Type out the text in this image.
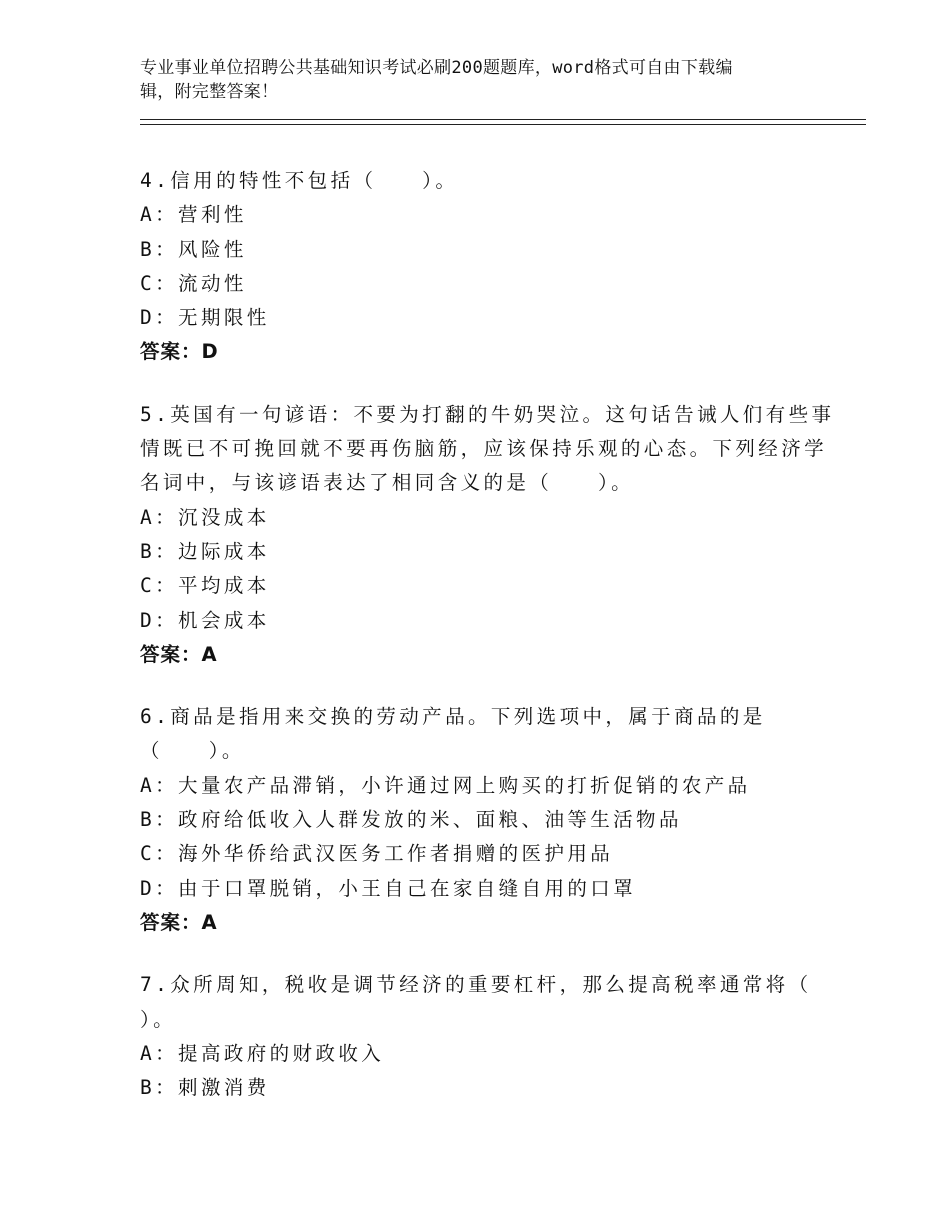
专业事业单位招聘公共基础知识考试必刷200题题库，word格式可自由下载编
辑，附完整答案！
4.信用的特性不包括（　　）。
A：营利性
B：风险性
C：流动性
D：无期限性
答案：D
5.英国有一句谚语：不要为打翻的牛奶哭泣。这句话告诫人们有些事
情既已不可挽回就不要再伤脑筋，应该保持乐观的心态。下列经济学
名词中，与该谚语表达了相同含义的是（　　）。
A：沉没成本
B：边际成本
C：平均成本
D：机会成本
答案：A
6.商品是指用来交换的劳动产品。下列选项中，属于商品的是
（　　）。
A：大量农产品滞销，小许通过网上购买的打折促销的农产品
B：政府给低收入人群发放的米、面粮、油等生活物品
C：海外华侨给武汉医务工作者捐赠的医护用品
D：由于口罩脱销，小王自己在家自缝自用的口罩
答案：A
7.众所周知，税收是调节经济的重要杠杆，那么提高税率通常将（
）。
A：提高政府的财政收入
B：刺激消费
